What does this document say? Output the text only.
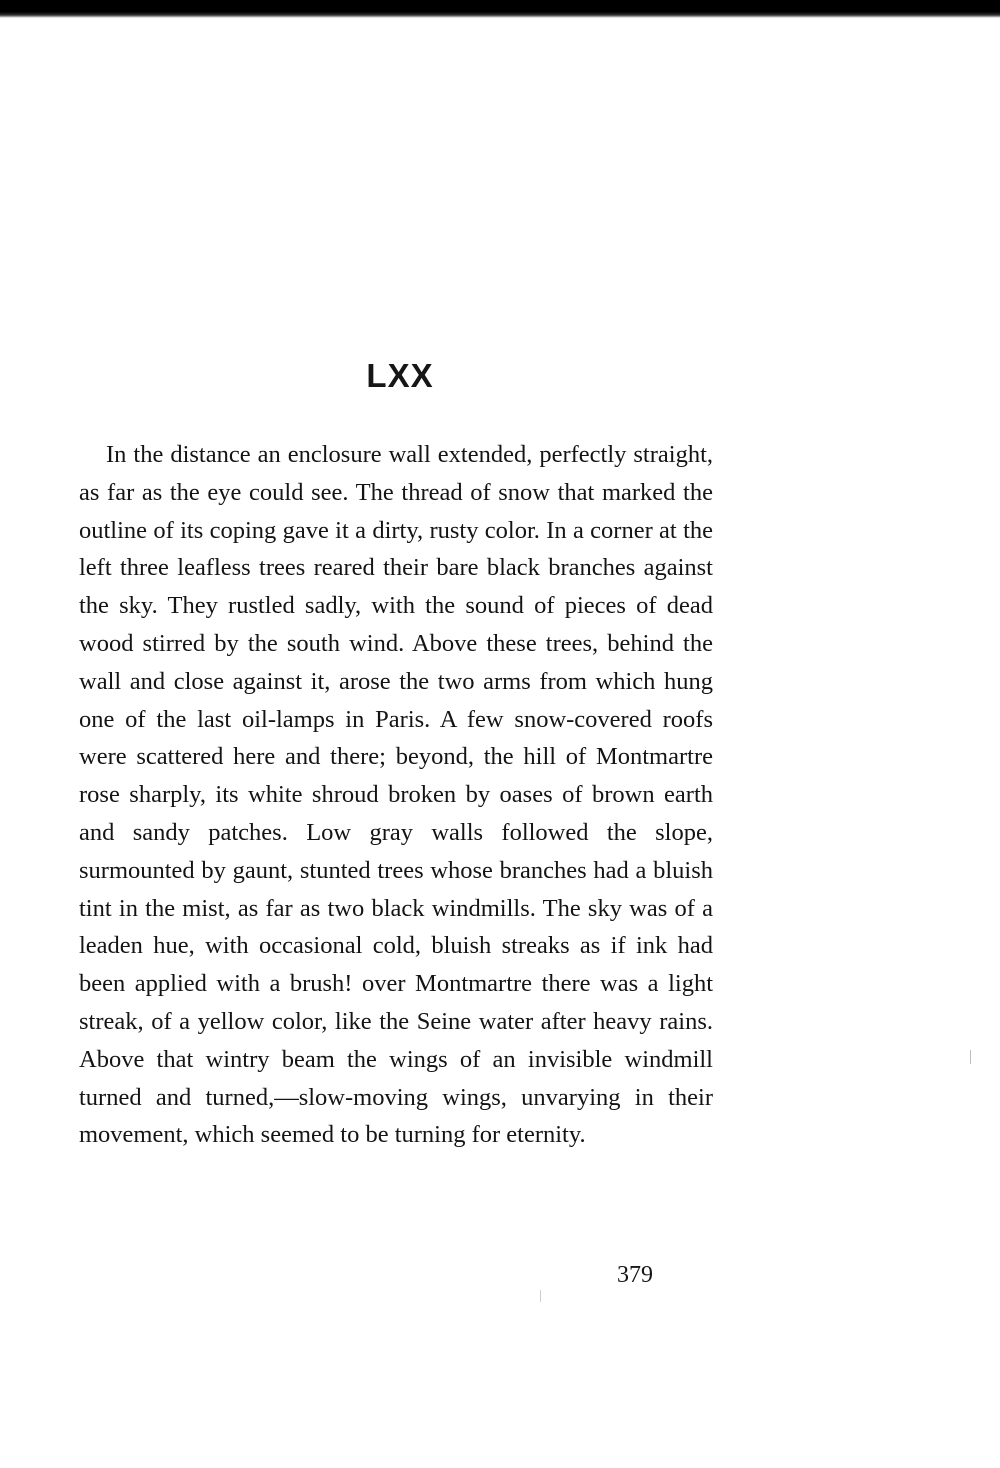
LXX

In the distance an enclosure wall extended, perfectly straight, as far as the eye could see. The thread of snow that marked the outline of its coping gave it a dirty, rusty color. In a corner at the left three leafless trees reared their bare black branches against the sky. They rustled sadly, with the sound of pieces of dead wood stirred by the south wind. Above these trees, behind the wall and close against it, arose the two arms from which hung one of the last oil-lamps in Paris. A few snow-covered roofs were scattered here and there; beyond, the hill of Montmartre rose sharply, its white shroud broken by oases of brown earth and sandy patches. Low gray walls followed the slope, surmounted by gaunt, stunted trees whose branches had a bluish tint in the mist, as far as two black windmills. The sky was of a leaden hue, with occasional cold, bluish streaks as if ink had been applied with a brush! over Montmartre there was a light streak, of a yellow color, like the Seine water after heavy rains. Above that wintry beam the wings of an invisible windmill turned and turned,—slow-moving wings, unvarying in their movement, which seemed to be turning for eternity.

379
